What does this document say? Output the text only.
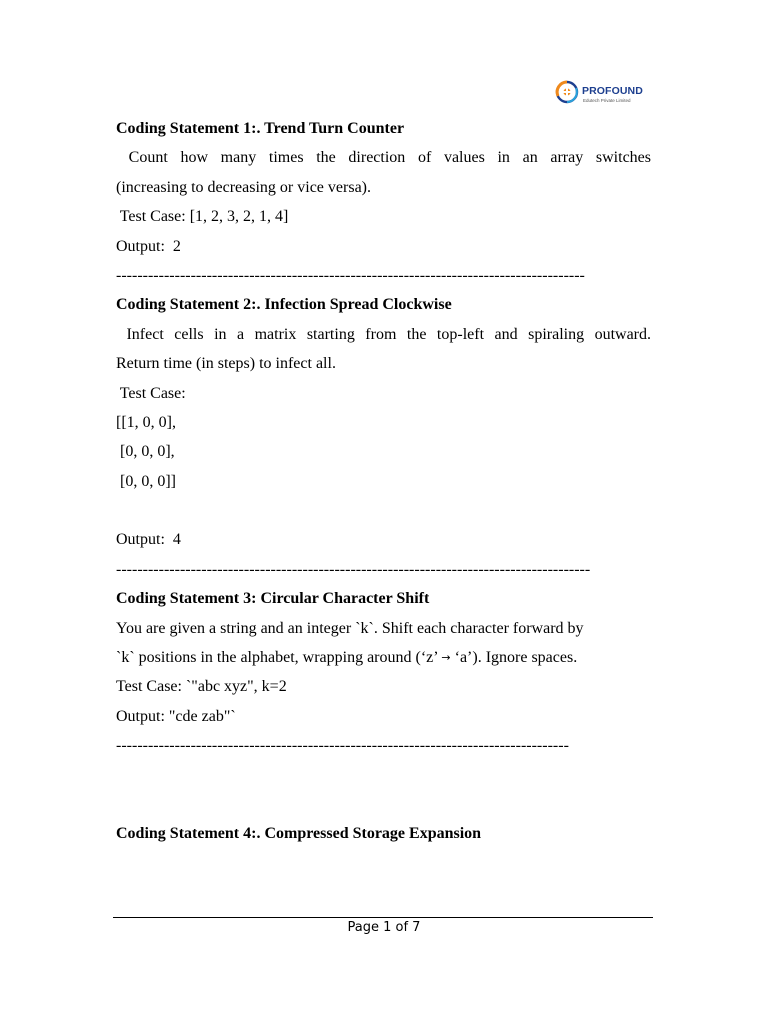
PROFOUND
Edutech Private Limited
Coding Statement 1:. Trend Turn Counter
Count how many times the direction of values in an array switches
(increasing to decreasing or vice versa).
Test Case: [1, 2, 3, 2, 1, 4]
Output:  2
----------------------------------------------------------------------------------------
Coding Statement 2:. Infection Spread Clockwise
Infect cells in a matrix starting from the top-left and spiraling outward.
Return time (in steps) to infect all.
Test Case:
[[1, 0, 0],
[0, 0, 0],
[0, 0, 0]]
Output:  4
-----------------------------------------------------------------------------------------
Coding Statement 3: Circular Character Shift
You are given a string and an integer `k`. Shift each character forward by
`k` positions in the alphabet, wrapping around (‘z’ → ‘a’). Ignore spaces.
Test Case: `"abc xyz", k=2
Output: "cde zab"`
-------------------------------------------------------------------------------------
Coding Statement 4:. Compressed Storage Expansion
Page 1 of 7
